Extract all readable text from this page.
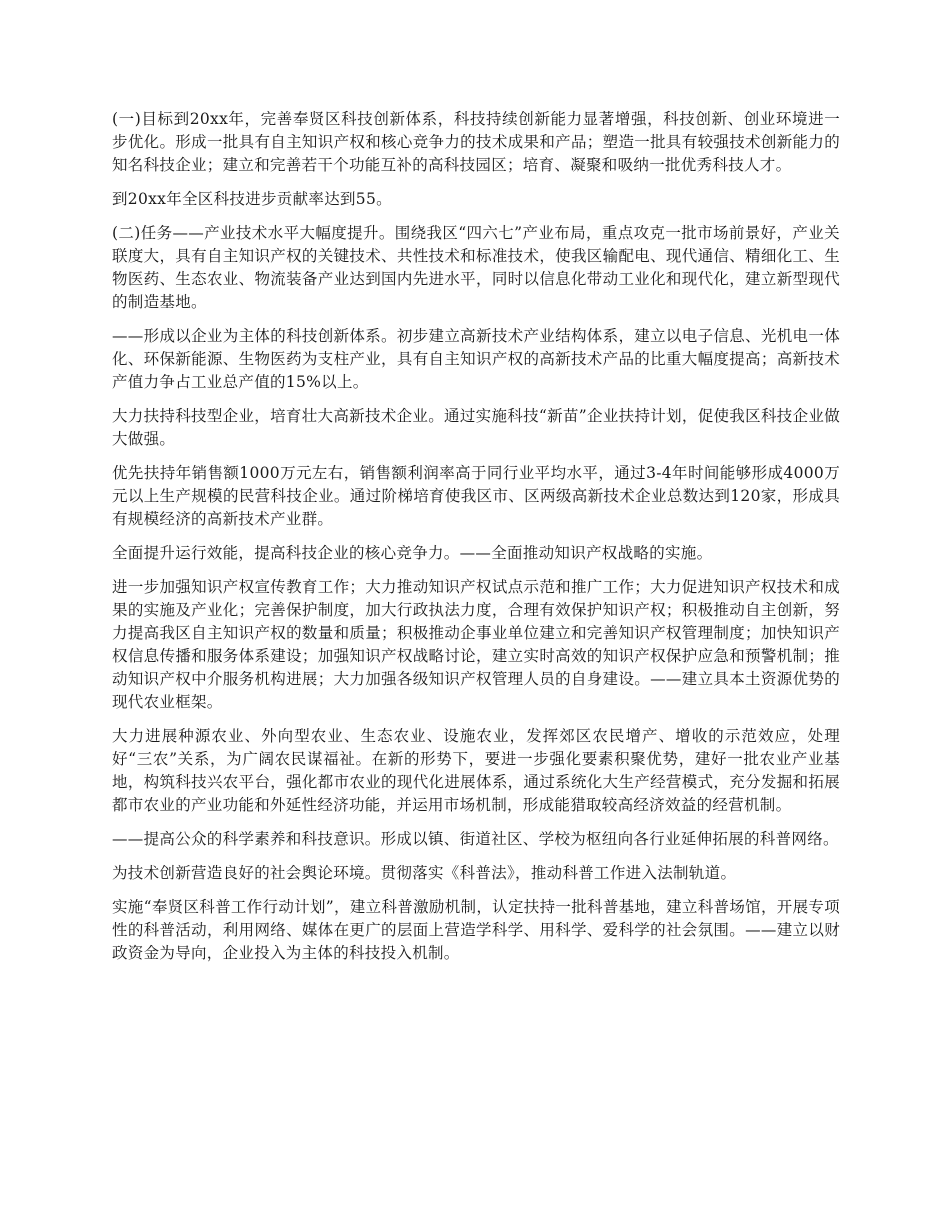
(一)目标到20xx年，完善奉贤区科技创新体系，科技持续创新能力显著增强，科技创新、创业环境进一步优化。形成一批具有自主知识产权和核心竞争力的技术成果和产品；塑造一批具有较强技术创新能力的知名科技企业；建立和完善若干个功能互补的高科技园区；培育、凝聚和吸纳一批优秀科技人才。

到20xx年全区科技进步贡献率达到55。

(二)任务——产业技术水平大幅度提升。围绕我区“四六七”产业布局，重点攻克一批市场前景好，产业关联度大，具有自主知识产权的关键技术、共性技术和标准技术，使我区输配电、现代通信、精细化工、生物医药、生态农业、物流装备产业达到国内先进水平，同时以信息化带动工业化和现代化，建立新型现代的制造基地。

——形成以企业为主体的科技创新体系。初步建立高新技术产业结构体系，建立以电子信息、光机电一体化、环保新能源、生物医药为支柱产业，具有自主知识产权的高新技术产品的比重大幅度提高；高新技术产值力争占工业总产值的15%以上。

大力扶持科技型企业，培育壮大高新技术企业。通过实施科技“新苗”企业扶持计划，促使我区科技企业做大做强。

优先扶持年销售额1000万元左右，销售额利润率高于同行业平均水平，通过3-4年时间能够形成4000万元以上生产规模的民营科技企业。通过阶梯培育使我区市、区两级高新技术企业总数达到120家，形成具有规模经济的高新技术产业群。

全面提升运行效能，提高科技企业的核心竞争力。——全面推动知识产权战略的实施。

进一步加强知识产权宣传教育工作；大力推动知识产权试点示范和推广工作；大力促进知识产权技术和成果的实施及产业化；完善保护制度，加大行政执法力度，合理有效保护知识产权；积极推动自主创新，努力提高我区自主知识产权的数量和质量；积极推动企事业单位建立和完善知识产权管理制度；加快知识产权信息传播和服务体系建设；加强知识产权战略讨论，建立实时高效的知识产权保护应急和预警机制；推动知识产权中介服务机构进展；大力加强各级知识产权管理人员的自身建设。——建立具本土资源优势的现代农业框架。

大力进展种源农业、外向型农业、生态农业、设施农业，发挥郊区农民增产、增收的示范效应，处理好“三农”关系，为广阔农民谋福祉。在新的形势下，要进一步强化要素积聚优势，建好一批农业产业基地，构筑科技兴农平台，强化都市农业的现代化进展体系，通过系统化大生产经营模式，充分发掘和拓展都市农业的产业功能和外延性经济功能，并运用市场机制，形成能猎取较高经济效益的经营机制。

——提高公众的科学素养和科技意识。形成以镇、街道社区、学校为枢纽向各行业延伸拓展的科普网络。

为技术创新营造良好的社会舆论环境。贯彻落实《科普法》，推动科普工作进入法制轨道。

实施“奉贤区科普工作行动计划”，建立科普激励机制，认定扶持一批科普基地，建立科普场馆，开展专项性的科普活动，利用网络、媒体在更广的层面上营造学科学、用科学、爱科学的社会氛围。——建立以财政资金为导向，企业投入为主体的科技投入机制。
